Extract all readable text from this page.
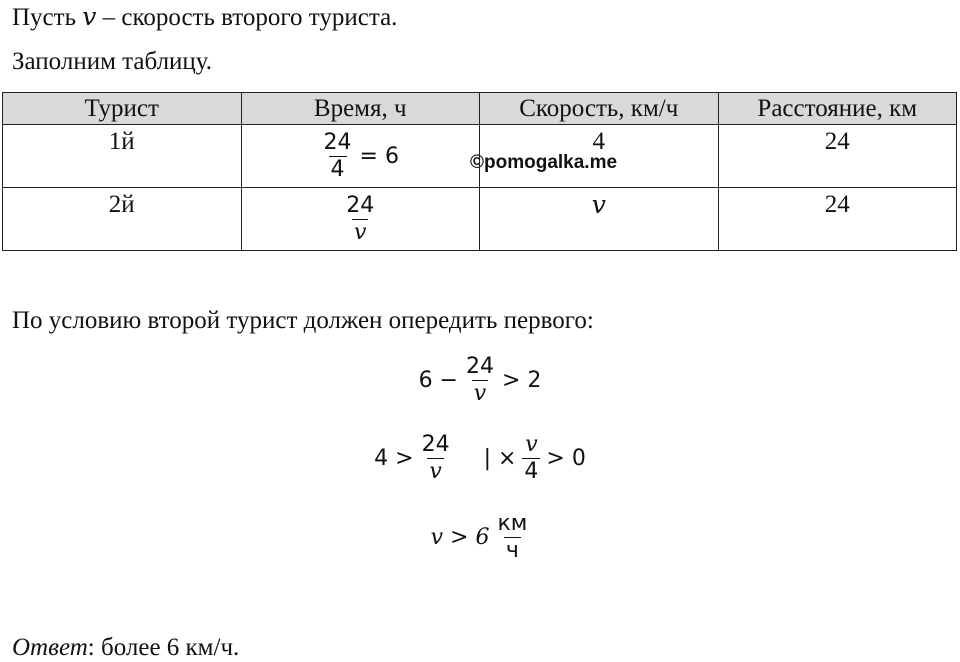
Пусть v – скорость второго туриста.
Заполним таблицу.
Турист	Время, ч	Скорость, км/ч	Расстояние, км
1й	$\frac{24}{4} = 6$	4	24
2й	$\frac{24}{v}$	v	24
©pomogalka.me
По условию второй турист должен опередить первого:
$6 - \frac{24}{v} > 2$
$4 > \frac{24}{v}$ | × $\frac{v}{4} > 0$
$v > 6 \frac{км}{ч}$
Ответ: более 6 км/ч.
